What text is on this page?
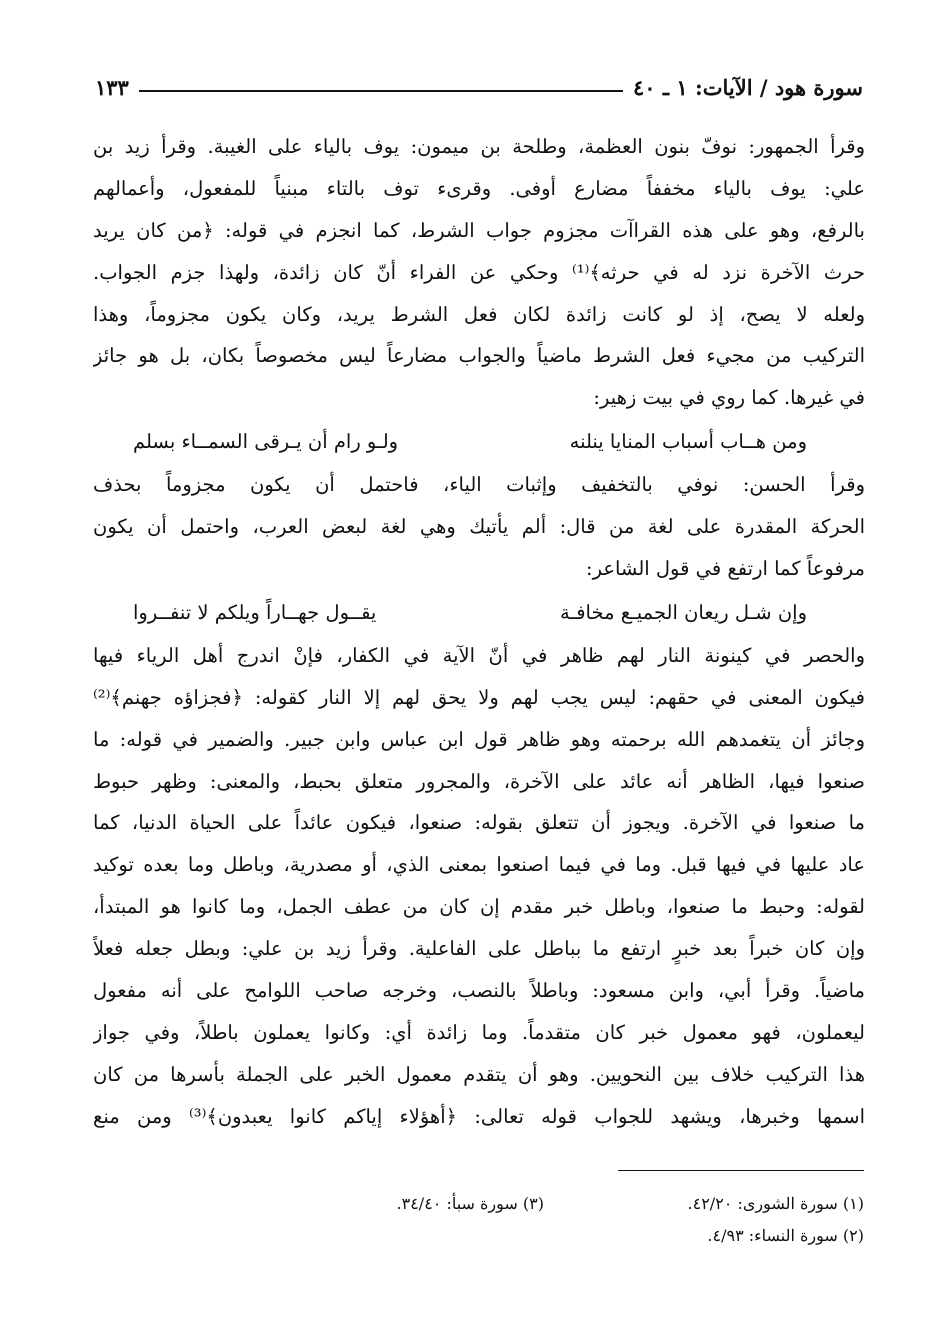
سورة هود / الآيات: ١ ـ ٤٠
١٣٣
وقرأ الجمهور: نوفّ بنون العظمة، وطلحة بن ميمون: يوف بالياء على الغيبة. وقرأ زيد بن
علي: يوف بالياء مخففاً مضارع أوفى. وقرىء توف بالتاء مبنياً للمفعول، وأعمالهم
بالرفع، وهو على هذه القراآت مجزوم جواب الشرط، كما انجزم في قوله: ﴿من كان يريد
حرث الآخرة نزد له في حرثه﴾⁽¹⁾ وحكي عن الفراء أنّ كان زائدة، ولهذا جزم الجواب.
ولعله لا يصح، إذ لو كانت زائدة لكان فعل الشرط يريد، وكان يكون مجزوماً، وهذا
التركيب من مجيء فعل الشرط ماضياً والجواب مضارعاً ليس مخصوصاً بكان، بل هو جائز
في غيرها. كما روي في بيت زهير:
ومن هــاب أسباب المنايا ينلنه
ولـو رام أن يـرقى السمــاء بسلم
وقرأ الحسن: نوفي بالتخفيف وإثبات الياء، فاحتمل أن يكون مجزوماً بحذف
الحركة المقدرة على لغة من قال: ألم يأتيك وهي لغة لبعض العرب، واحتمل أن يكون
مرفوعاً كما ارتفع في قول الشاعر:
وإن شـل ريعان الجميـع مخافـة
يقــول جهــاراً ويلكم لا تنفــروا
والحصر في كينونة النار لهم ظاهر في أنّ الآية في الكفار، فإنْ اندرج أهل الرياء فيها
فيكون المعنى في حقهم: ليس يجب لهم ولا يحق لهم إلا النار كقوله: ﴿فجزاؤه جهنم﴾⁽²⁾
وجائز أن يتغمدهم الله برحمته وهو ظاهر قول ابن عباس وابن جبير. والضمير في قوله: ما
صنعوا فيها، الظاهر أنه عائد على الآخرة، والمجرور متعلق بحبط، والمعنى: وظهر حبوط
ما صنعوا في الآخرة. ويجوز أن تتعلق بقوله: صنعوا، فيكون عائداً على الحياة الدنيا، كما
عاد عليها في فيها قبل. وما في فيما اصنعوا بمعنى الذي، أو مصدرية، وباطل وما بعده توكيد
لقوله: وحبط ما صنعوا، وباطل خبر مقدم إن كان من عطف الجمل، وما كانوا هو المبتدأ،
وإن كان خبراً بعد خبرٍ ارتفع ما بباطل على الفاعلية. وقرأ زيد بن علي: وبطل جعله فعلاً
ماضياً. وقرأ أبي، وابن مسعود: وباطلاً بالنصب، وخرجه صاحب اللوامح على أنه مفعول
ليعملون، فهو معمول خبر كان متقدماً. وما زائدة أي: وكانوا يعملون باطلاً، وفي جواز
هذا التركيب خلاف بين النحويين. وهو أن يتقدم معمول الخبر على الجملة بأسرها من كان
اسمها وخبرها، ويشهد للجواب قوله تعالى: ﴿أهؤلاء إياكم كانوا يعبدون﴾⁽³⁾ ومن منع
(١) سورة الشورى: ٤٢/٢٠.
(٣) سورة سبأ: ٣٤/٤٠.
(٢) سورة النساء: ٤/٩٣.
